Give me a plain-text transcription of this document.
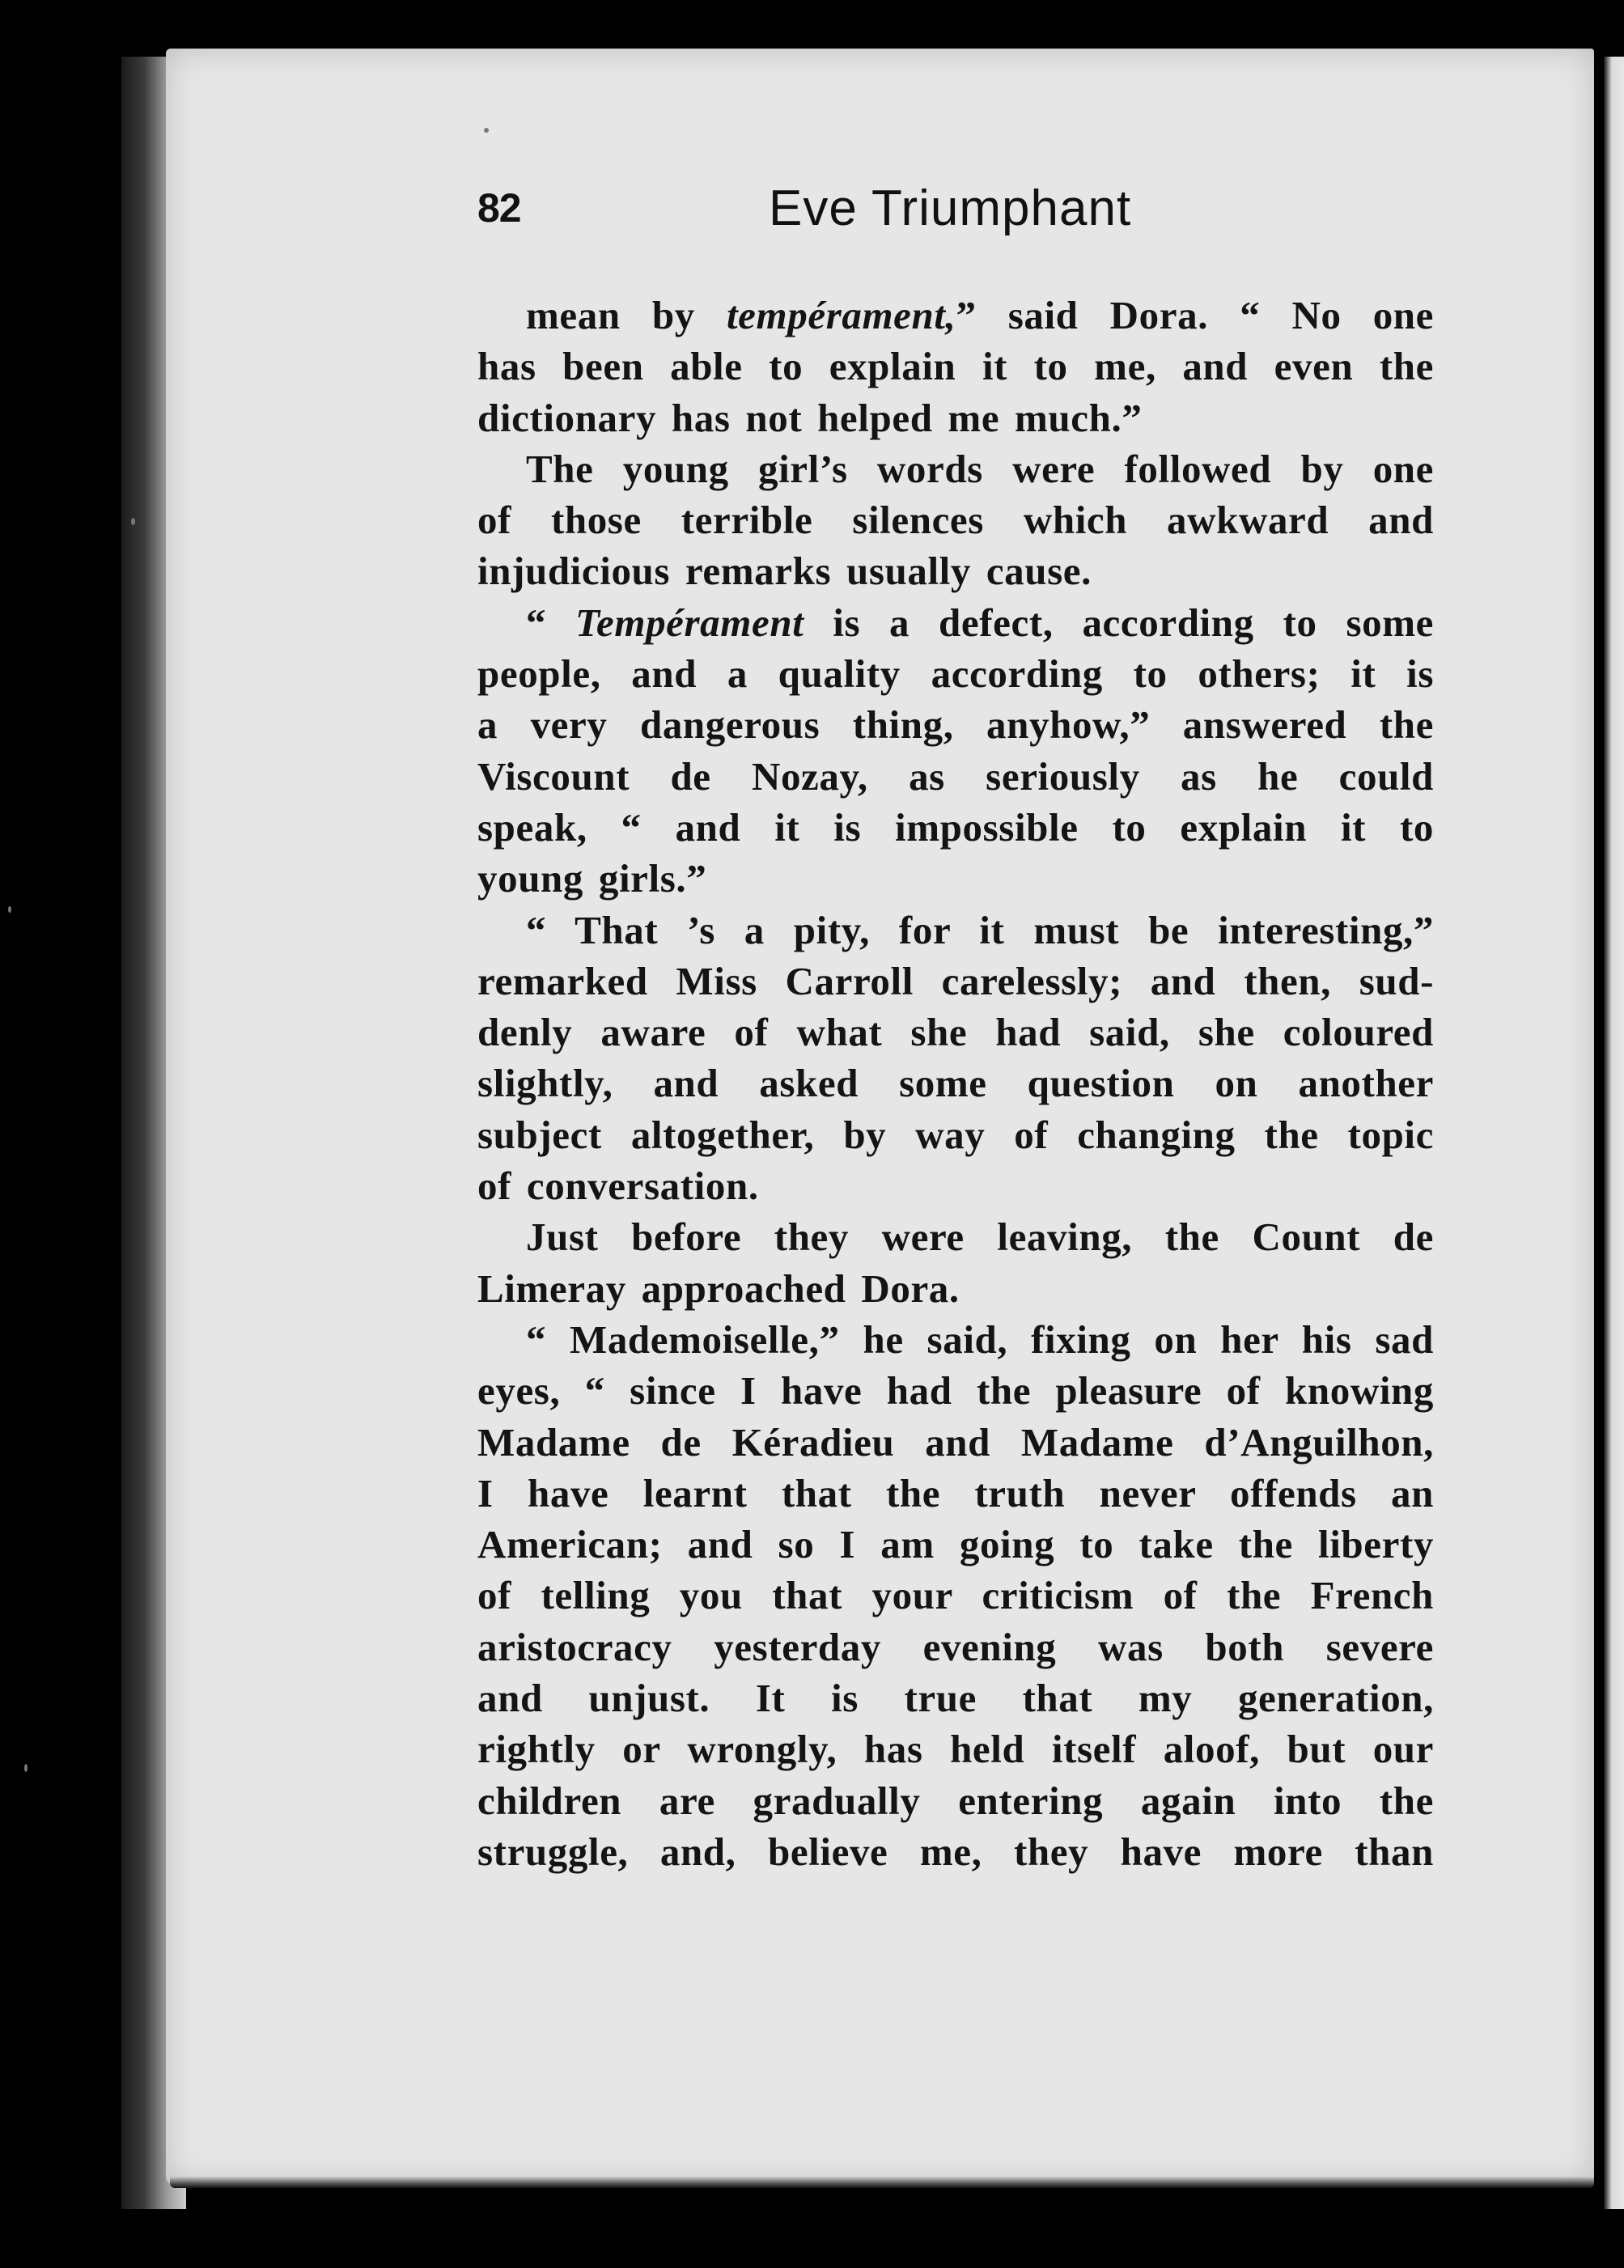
82	Eve Triumphant
mean by tempérament,” said Dora. “ No one
has been able to explain it to me, and even the
dictionary has not helped me much.”
The young girl’s words were followed by one
of those terrible silences which awkward and
injudicious remarks usually cause.
“ Tempérament is a defect, according to some
people, and a quality according to others; it is
a very dangerous thing, anyhow,” answered the
Viscount de Nozay, as seriously as he could
speak, “ and it is impossible to explain it to
young girls.”
“ That ’s a pity, for it must be interesting,”
remarked Miss Carroll carelessly; and then, sud-
denly aware of what she had said, she coloured
slightly, and asked some question on another
subject altogether, by way of changing the topic
of conversation.
Just before they were leaving, the Count de
Limeray approached Dora.
“ Mademoiselle,” he said, fixing on her his sad
eyes, “ since I have had the pleasure of knowing
Madame de Kéradieu and Madame d’Anguilhon,
I have learnt that the truth never offends an
American; and so I am going to take the liberty
of telling you that your criticism of the French
aristocracy yesterday evening was both severe
and unjust. It is true that my generation,
rightly or wrongly, has held itself aloof, but our
children are gradually entering again into the
struggle, and, believe me, they have more than
